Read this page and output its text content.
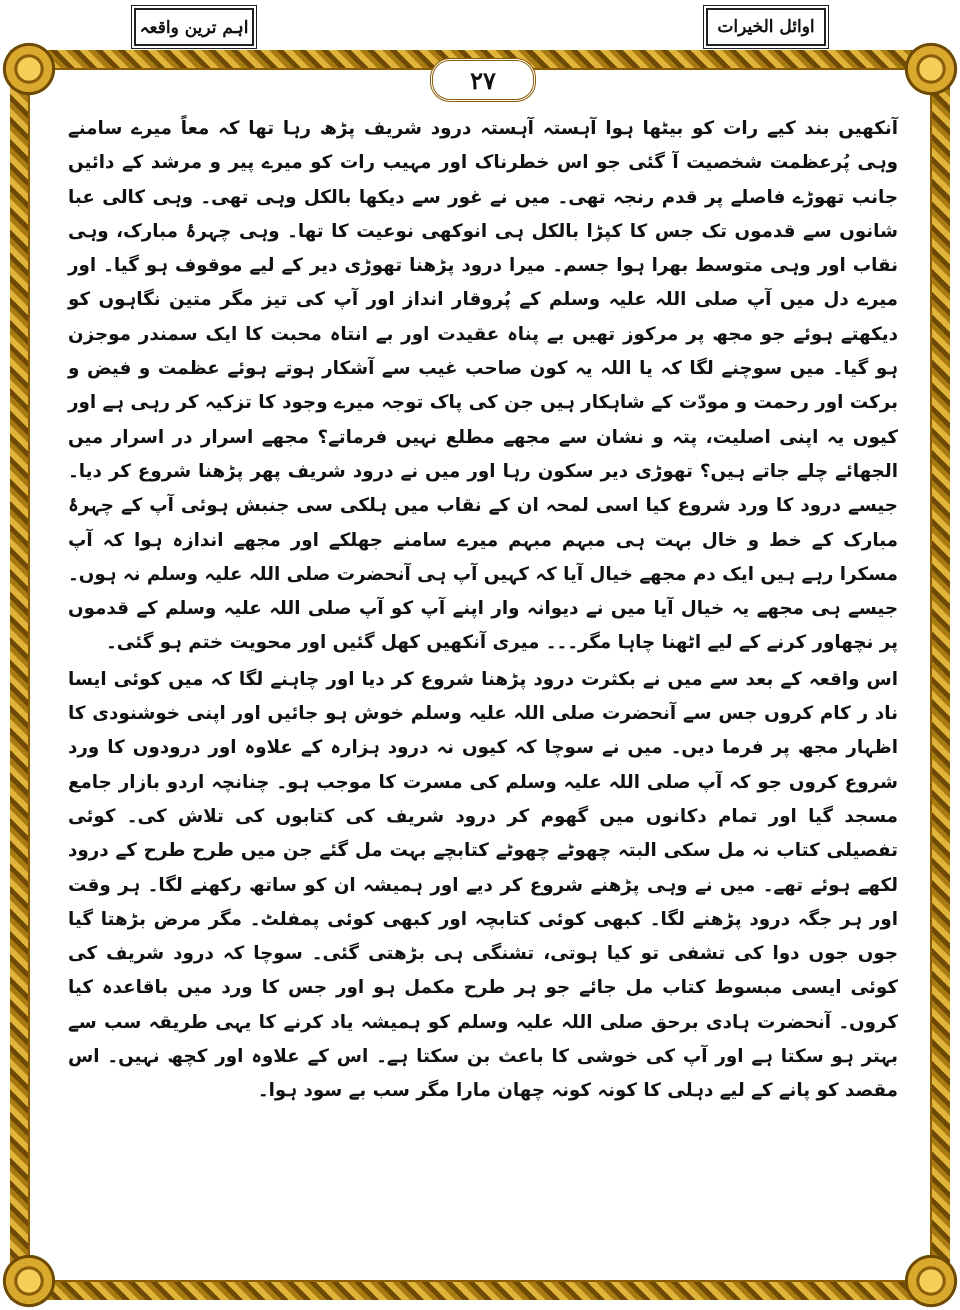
اہم ترین واقعہ	اوائل الخیرات
۲۷

آنکھیں بند کیے رات کو بیٹھا ہوا آہستہ آہستہ درود شریف پڑھ رہا تھا کہ معاً میرے سامنے وہی پُرعظمت شخصیت آ گئی جو اس خطرناک اور مہیب رات کو میرے پیر و مرشد کے دائیں جانب تھوڑے فاصلے پر قدم رنجہ تھی۔ میں نے غور سے دیکھا بالکل وہی تھی۔ وہی کالی عبا شانوں سے قدموں تک جس کا کپڑا بالکل ہی انوکھی نوعیت کا تھا۔ وہی چہرۂ مبارک، وہی نقاب اور وہی متوسط بھرا ہوا جسم۔ میرا درود پڑھنا تھوڑی دیر کے لیے موقوف ہو گیا۔ اور میرے دل میں آپ صلی اللہ علیہ وسلم کے پُروقار انداز اور آپ کی تیز مگر متین نگاہوں کو دیکھتے ہوئے جو مجھ پر مرکوز تھیں بے پناہ عقیدت اور بے انتاہ محبت کا ایک سمندر موجزن ہو گیا۔ میں سوچنے لگا کہ یا اللہ یہ کون صاحب غیب سے آشکار ہوتے ہوئے عظمت و فیض و برکت اور رحمت و مودّت کے شاہکار ہیں جن کی پاک توجہ میرے وجود کا تزکیہ کر رہی ہے اور کیوں یہ اپنی اصلیت، پتہ و نشان سے مجھے مطلع نہیں فرماتے؟ مجھے اسرار در اسرار میں الجھائے چلے جاتے ہیں؟ تھوڑی دیر سکون رہا اور میں نے درود شریف پھر پڑھنا شروع کر دیا۔ جیسے درود کا ورد شروع کیا اسی لمحہ ان کے نقاب میں ہلکی سی جنبش ہوئی آپ کے چہرۂ مبارک کے خط و خال بہت ہی مبہم مبہم میرے سامنے جھلکے اور مجھے اندازہ ہوا کہ آپ مسکرا رہے ہیں ایک دم مجھے خیال آیا کہ کہیں آپ ہی آنحضرت صلی اللہ علیہ وسلم نہ ہوں۔ جیسے ہی مجھے یہ خیال آیا میں نے دیوانہ وار اپنے آپ کو آپ صلی اللہ علیہ وسلم کے قدموں پر نچھاور کرنے کے لیے اٹھنا چاہا مگر۔۔۔ میری آنکھیں کھل گئیں اور محویت ختم ہو گئی۔

اس واقعہ کے بعد سے میں نے بکثرت درود پڑھنا شروع کر دیا اور چاہنے لگا کہ میں کوئی ایسا ناد ر کام کروں جس سے آنحضرت صلی اللہ علیہ وسلم خوش ہو جائیں اور اپنی خوشنودی کا اظہار مجھ پر فرما دیں۔ میں نے سوچا کہ کیوں نہ درود ہزارہ کے علاوہ اور درودوں کا ورد شروع کروں جو کہ آپ صلی اللہ علیہ وسلم کی مسرت کا موجب ہو۔ چنانچہ اردو بازار جامع مسجد گیا اور تمام دکانوں میں گھوم کر درود شریف کی کتابوں کی تلاش کی۔ کوئی تفصیلی کتاب نہ مل سکی البتہ چھوٹے چھوٹے کتابچے بہت مل گئے جن میں طرح طرح کے درود لکھے ہوئے تھے۔ میں نے وہی پڑھنے شروع کر دیے اور ہمیشہ ان کو ساتھ رکھنے لگا۔ ہر وقت اور ہر جگہ درود پڑھنے لگا۔ کبھی کوئی کتابچہ اور کبھی کوئی پمفلٹ۔ مگر مرض بڑھتا گیا جوں جوں دوا کی تشفی تو کیا ہوتی، تشنگی ہی بڑھتی گئی۔ سوچا کہ درود شریف کی کوئی ایسی مبسوط کتاب مل جائے جو ہر طرح مکمل ہو اور جس کا ورد میں باقاعدہ کیا کروں۔ آنحضرت ہادی برحق صلی اللہ علیہ وسلم کو ہمیشہ یاد کرنے کا یہی طریقہ سب سے بہتر ہو سکتا ہے اور آپ کی خوشی کا باعث بن سکتا ہے۔ اس کے علاوہ اور کچھ نہیں۔ اس مقصد کو پانے کے لیے دہلی کا کونہ کونہ چھان مارا مگر سب بے سود ہوا۔
